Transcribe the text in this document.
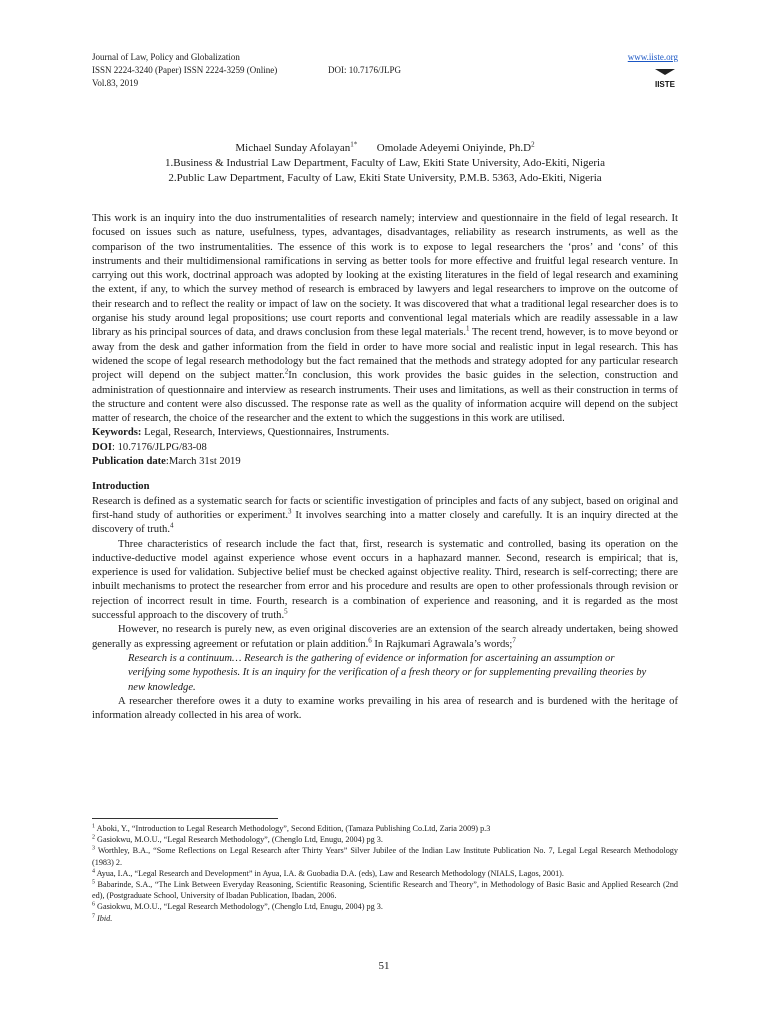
Journal of Law, Policy and Globalization
ISSN 2224-3240 (Paper) ISSN 2224-3259 (Online)
Vol.83, 2019
DOI: 10.7176/JLPG
www.iiste.org
IISTE
Michael Sunday Afolayan$^{1*}$ Omolade Adeyemi Oniyinde, $Ph.D^2$
1.Business & Industrial Law Department, Faculty of Law, Ekiti State University, Ado-Ekiti, Nigeria
2.Public Law Department, Faculty of Law, Ekiti State University, P.M.B. 5363, Ado-Ekiti, Nigeria

This work is an inquiry into the duo instrumentalities of research namely; interview and questionnaire in the field of legal research. It focused on issues such as nature, usefulness, types, advantages, disadvantages, reliability as research instruments, as well as the comparison of the two instrumentalities. The essence of this work is to expose to legal researchers the ‘pros’ and ‘cons’ of this instruments and their multidimensional ramifications in serving as better tools for more effective and fruitful legal research venture. In carrying out this work, doctrinal approach was adopted by looking at the existing literatures in the field of legal research and examining the extent, if any, to which the survey method of research is embraced by lawyers and legal researchers to improve on the outcome of their research and to reflect the reality or impact of law on the society. It was discovered that what a traditional legal researcher does is to organise his study around legal propositions; use court reports and conventional legal materials which are readily assessable in a law library as his principal sources of data, and draws conclusion from these legal materials.$^1$ The recent trend, however, is to move beyond or away from the desk and gather information from the field in order to have more social and realistic input in legal research. This has widened the scope of legal research methodology but the fact remained that the methods and strategy adopted for any particular research project will depend on the subject matter.$^2$In conclusion, this work provides the basic guides in the selection, construction and administration of questionnaire and interview as research instruments. Their uses and limitations, as well as their construction in terms of the structure and content were also discussed. The response rate as well as the quality of information acquire will depend on the subject matter of research, the choice of the researcher and the extent to which the suggestions in this work are utilised.

Keywords: Legal, Research, Interviews, Questionnaires, Instruments.

DOI: 10.7176/JLPG/83-08

Publication date:March 31st 2019

Introduction

Research is defined as a systematic search for facts or scientific investigation of principles and facts of any subject, based on original and first-hand study of authorities or experiment.$^3$ It involves searching into a matter closely and carefully. It is an inquiry directed at the discovery of truth.$^4$

Three characteristics of research include the fact that, first, research is systematic and controlled, basing its operation on the inductive-deductive model against experience whose event occurs in a haphazard manner. Second, research is empirical; that is, experience is used for validation. Subjective belief must be checked against objective reality. Third, research is self-correcting; there are inbuilt mechanisms to protect the researcher from error and his procedure and results are open to other professionals through revision or rejection of incorrect result in time. Fourth, research is a combination of experience and reasoning, and it is regarded as the most successful approach to the discovery of truth.$^5$

However, no research is purely new, as even original discoveries are an extension of the search already undertaken, being showed generally as expressing agreement or refutation or plain addition.$^6$ In Rajkumari Agrawala’s words;$^7$

Research is a continuum… Research is the gathering of evidence or information for ascertaining an assumption or verifying some hypothesis. It is an inquiry for the verification of a fresh theory or for supplementing prevailing theories by new knowledge.

A researcher therefore owes it a duty to examine works prevailing in his area of research and is burdened with the heritage of information already collected in his area of work.

$^1$ Aboki, Y., “Introduction to Legal Research Methodology”, Second Edition, (Tamaza Publishing Co.Ltd, Zaria 2009) p.3

$^2$ Gasiokwu, M.O.U., “Legal Research Methodology”, (Chenglo Ltd, Enugu, 2004) pg 3.

$^3$ Worthley, B.A., “Some Reflections on Legal Research after Thirty Years” Silver Jubilee of the Indian Law Institute Publication No. 7, Legal Legal Research Methodology (1983) 2.

$^4$ Ayua, I.A., “Legal Research and Development” in Ayua, I.A. & Guobadia D.A. (eds), Law and Research Methodology (NIALS, Lagos, 2001).

$^5$ Babarinde, S.A., “The Link Between Everyday Reasoning, Scientific Reasoning, Scientific Research and Theory”, in Methodology of Basic Basic and Applied Research (2nd ed), (Postgraduate School, University of Ibadan Publication, Ibadan, 2006.

$^6$ Gasiokwu, M.O.U., “Legal Research Methodology”, (Chenglo Ltd, Enugu, 2004) pg 3.

$^7$ Ibid.

51
